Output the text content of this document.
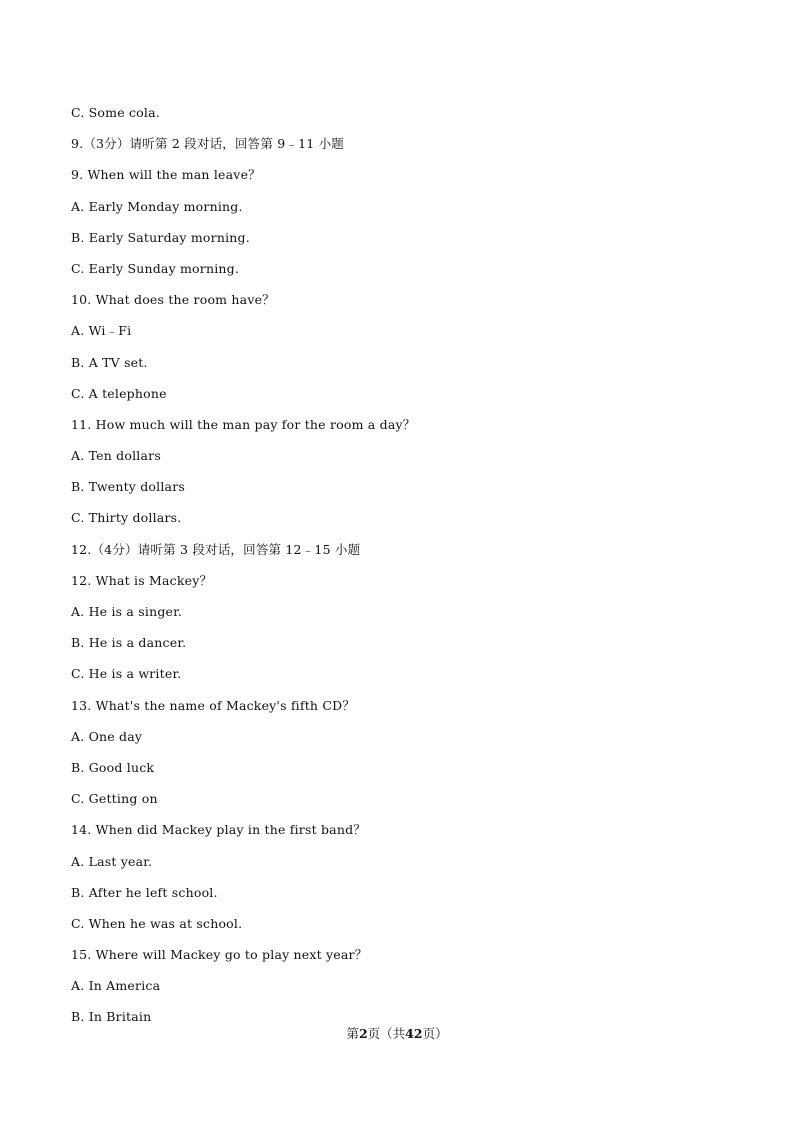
C. Some cola.
9.（3分）请听第 2 段对话，回答第 9﹣11 小题
9. When will the man leave？
A. Early Monday morning.
B. Early Saturday morning.
C. Early Sunday morning.
10. What does the room have？
A. Wi﹣Fi
B. A TV set.
C. A telephone
11. How much will the man pay for the room a day？
A. Ten dollars
B. Twenty dollars
C. Thirty dollars.
12.（4分）请听第 3 段对话，回答第 12﹣15 小题
12. What is Mackey？
A. He is a singer.
B. He is a dancer.
C. He is a writer.
13. What's the name of Mackey's fifth CD？
A. One day
B. Good luck
C. Getting on
14. When did Mackey play in the first band？
A. Last year.
B. After he left school.
C. When he was at school.
15. Where will Mackey go to play next year？
A. In America
B. In Britain
第2页（共42页）
